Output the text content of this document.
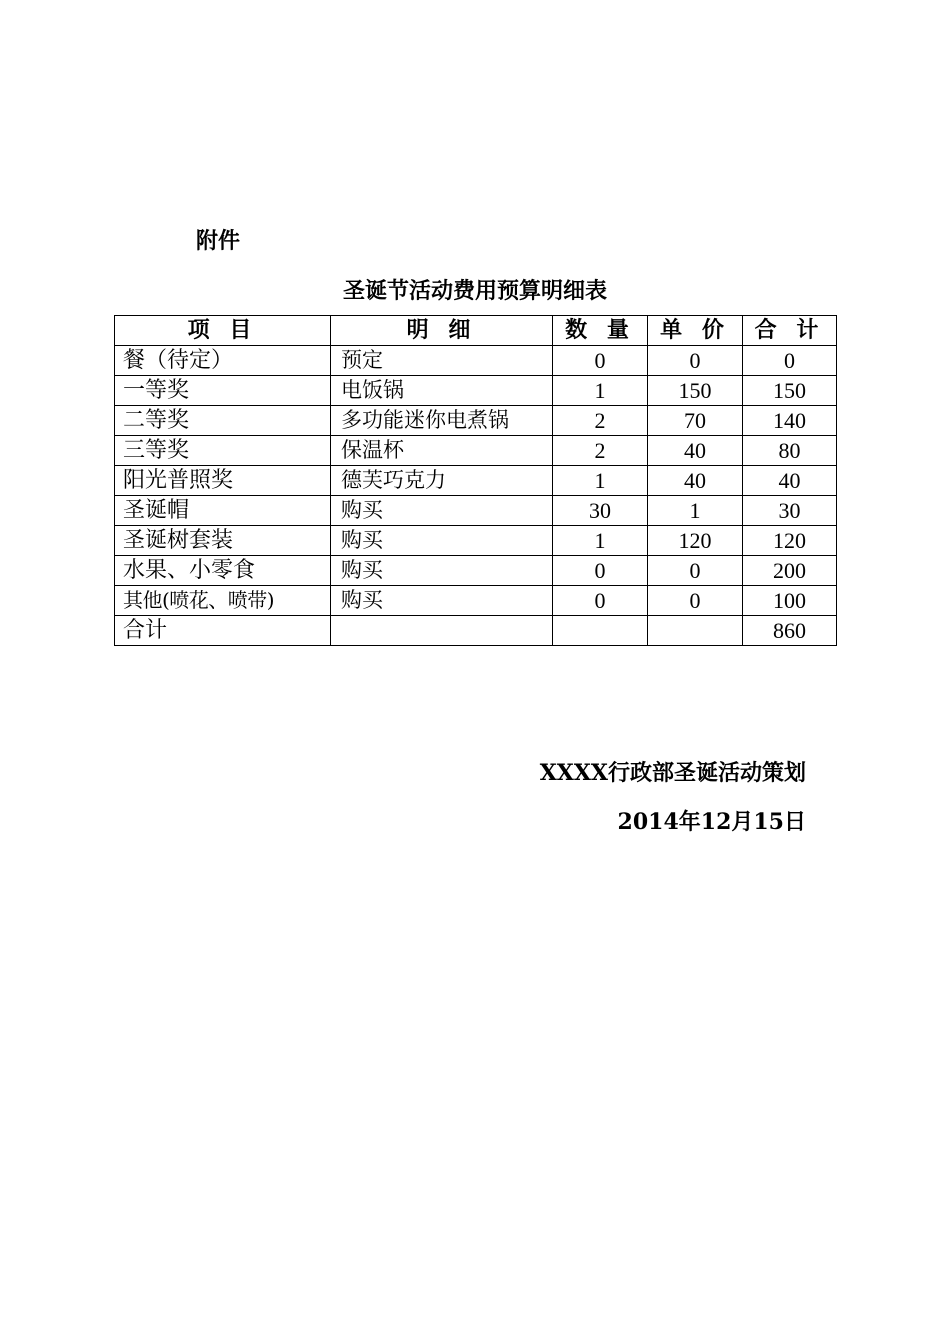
附件
圣诞节活动费用预算明细表
项 目	明 细	数 量	单 价	合 计
餐（待定）	预定	0	0	0
一等奖	电饭锅	1	150	150
二等奖	多功能迷你电煮锅	2	70	140
三等奖	保温杯	2	40	80
阳光普照奖	德芙巧克力	1	40	40
圣诞帽	购买	30	1	30
圣诞树套装	购买	1	120	120
水果、小零食	购买	0	0	200
其他(喷花、喷带)	购买	0	0	100
合计				860
XXXX行政部圣诞活动策划
2014年12月15日
